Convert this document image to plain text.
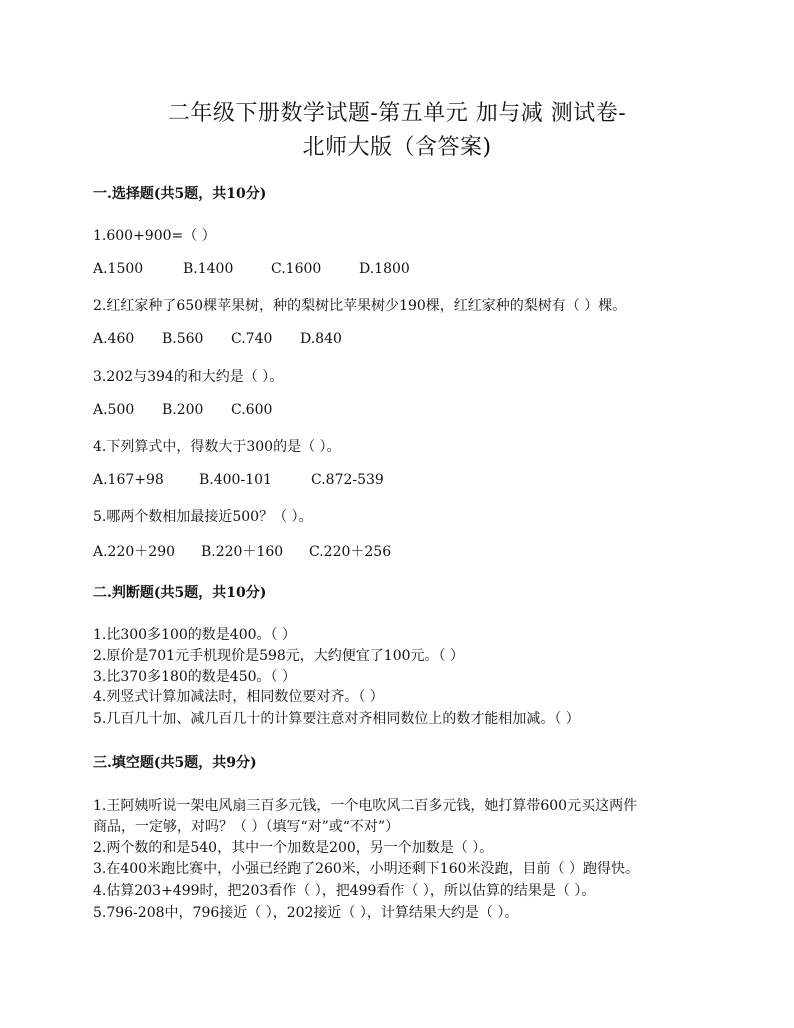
二年级下册数学试题-第五单元 加与减 测试卷-
北师大版（含答案)
一.选择题(共5题，共10分)
1.600+900=（ ）
A.1500	B.1400	C.1600	D.1800
2.红红家种了650棵苹果树，种的梨树比苹果树少190棵，红红家种的梨树有（ ）棵。
A.460 B.560 C.740 D.840
3.202与394的和大约是（ ）。
A.500 B.200 C.600
4.下列算式中，得数大于300的是（ ）。
A.167+98	B.400-101	C.872-539
5.哪两个数相加最接近500？（ ）。
A.220＋290 B.220＋160 C.220＋256
二.判断题(共5题，共10分)
1.比300多100的数是400。（ ）
2.原价是701元手机现价是598元，大约便宜了100元。（ ）
3.比370多180的数是450。（ ）
4.列竖式计算加减法时，相同数位要对齐。（ ）
5.几百几十加、减几百几十的计算要注意对齐相同数位上的数才能相加减。（ ）
三.填空题(共5题，共9分)
1.王阿姨听说一架电风扇三百多元钱，一个电吹风二百多元钱，她打算带600元买这两件
商品，一定够，对吗？（ ）（填写“对”或“不对”）
2.两个数的和是540，其中一个加数是200，另一个加数是（ ）。
3.在400米跑比赛中，小强已经跑了260米，小明还剩下160米没跑，目前（ ）跑得快。
4.估算203+499时，把203看作（ ），把499看作（ ），所以估算的结果是（ ）。
5.796-208中，796接近（ ），202接近（ ），计算结果大约是（ ）。
